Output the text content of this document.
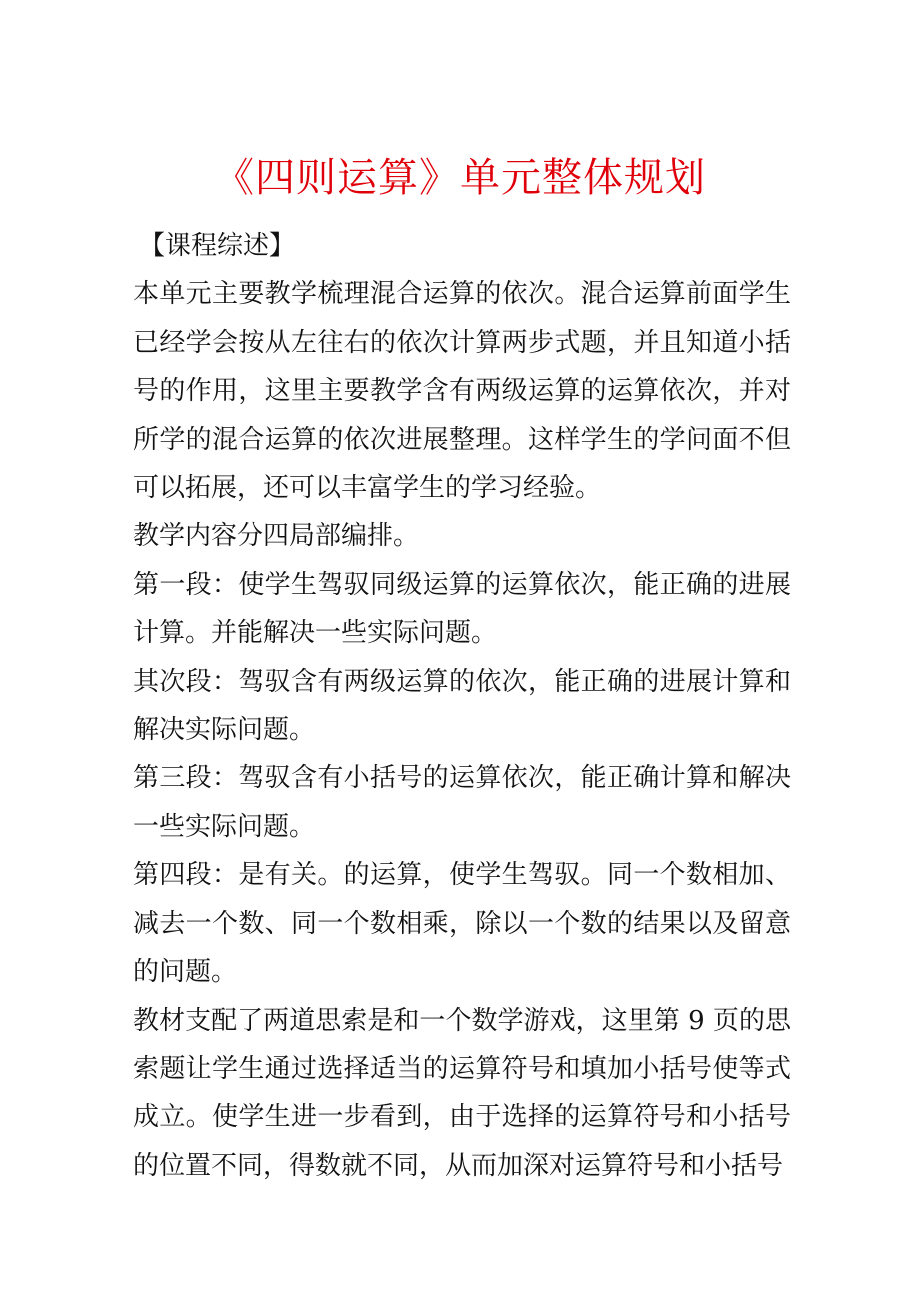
《四则运算》单元整体规划

【课程综述】

本单元主要教学梳理混合运算的依次。混合运算前面学生已经学会按从左往右的依次计算两步式题，并且知道小括号的作用，这里主要教学含有两级运算的运算依次，并对所学的混合运算的依次进展整理。这样学生的学问面不但可以拓展，还可以丰富学生的学习经验。

教学内容分四局部编排。

第一段：使学生驾驭同级运算的运算依次，能正确的进展计算。并能解决一些实际问题。

其次段：驾驭含有两级运算的依次，能正确的进展计算和解决实际问题。

第三段：驾驭含有小括号的运算依次，能正确计算和解决一些实际问题。

第四段：是有关。的运算，使学生驾驭。同一个数相加、减去一个数、同一个数相乘，除以一个数的结果以及留意的问题。

教材支配了两道思索是和一个数学游戏，这里第 9 页的思索题让学生通过选择适当的运算符号和填加小括号使等式成立。使学生进一步看到，由于选择的运算符号和小括号的位置不同，得数就不同，从而加深对运算符号和小括号
